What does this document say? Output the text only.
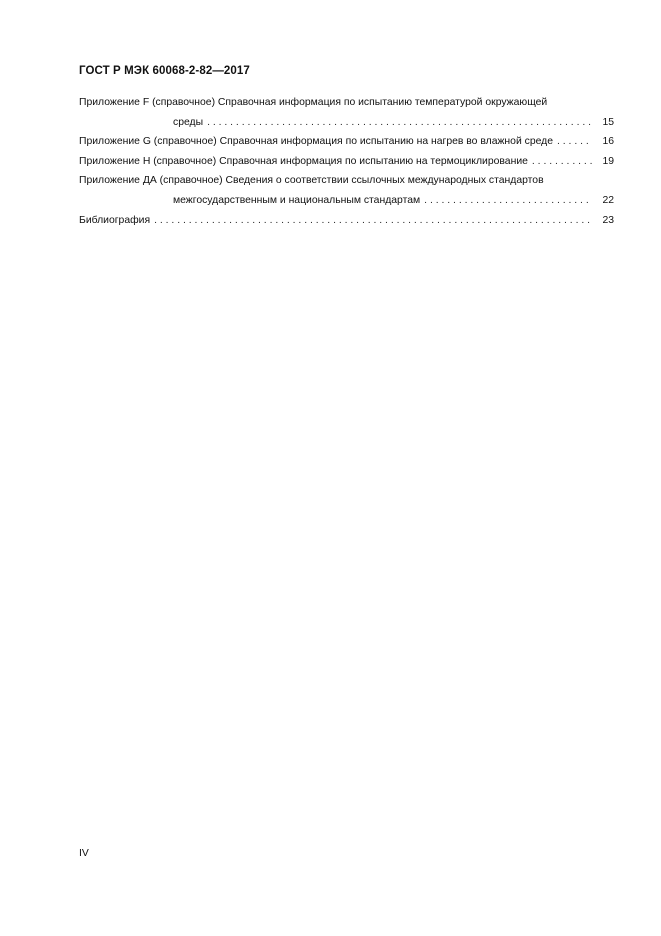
ГОСТ Р МЭК 60068-2-82—2017
Приложение F (справочное) Справочная информация по испытанию температурой окружающей
среды . . .	15
Приложение G (справочное) Справочная информация по испытанию на нагрев во влажной среде . . .	16
Приложение H (справочное) Справочная информация по испытанию на термоциклирование . . .	19
Приложение ДА (справочное) Сведения о соответствии ссылочных международных стандартов
межгосударственным и национальным стандартам . . .	22
Библиография . . .	23
IV
